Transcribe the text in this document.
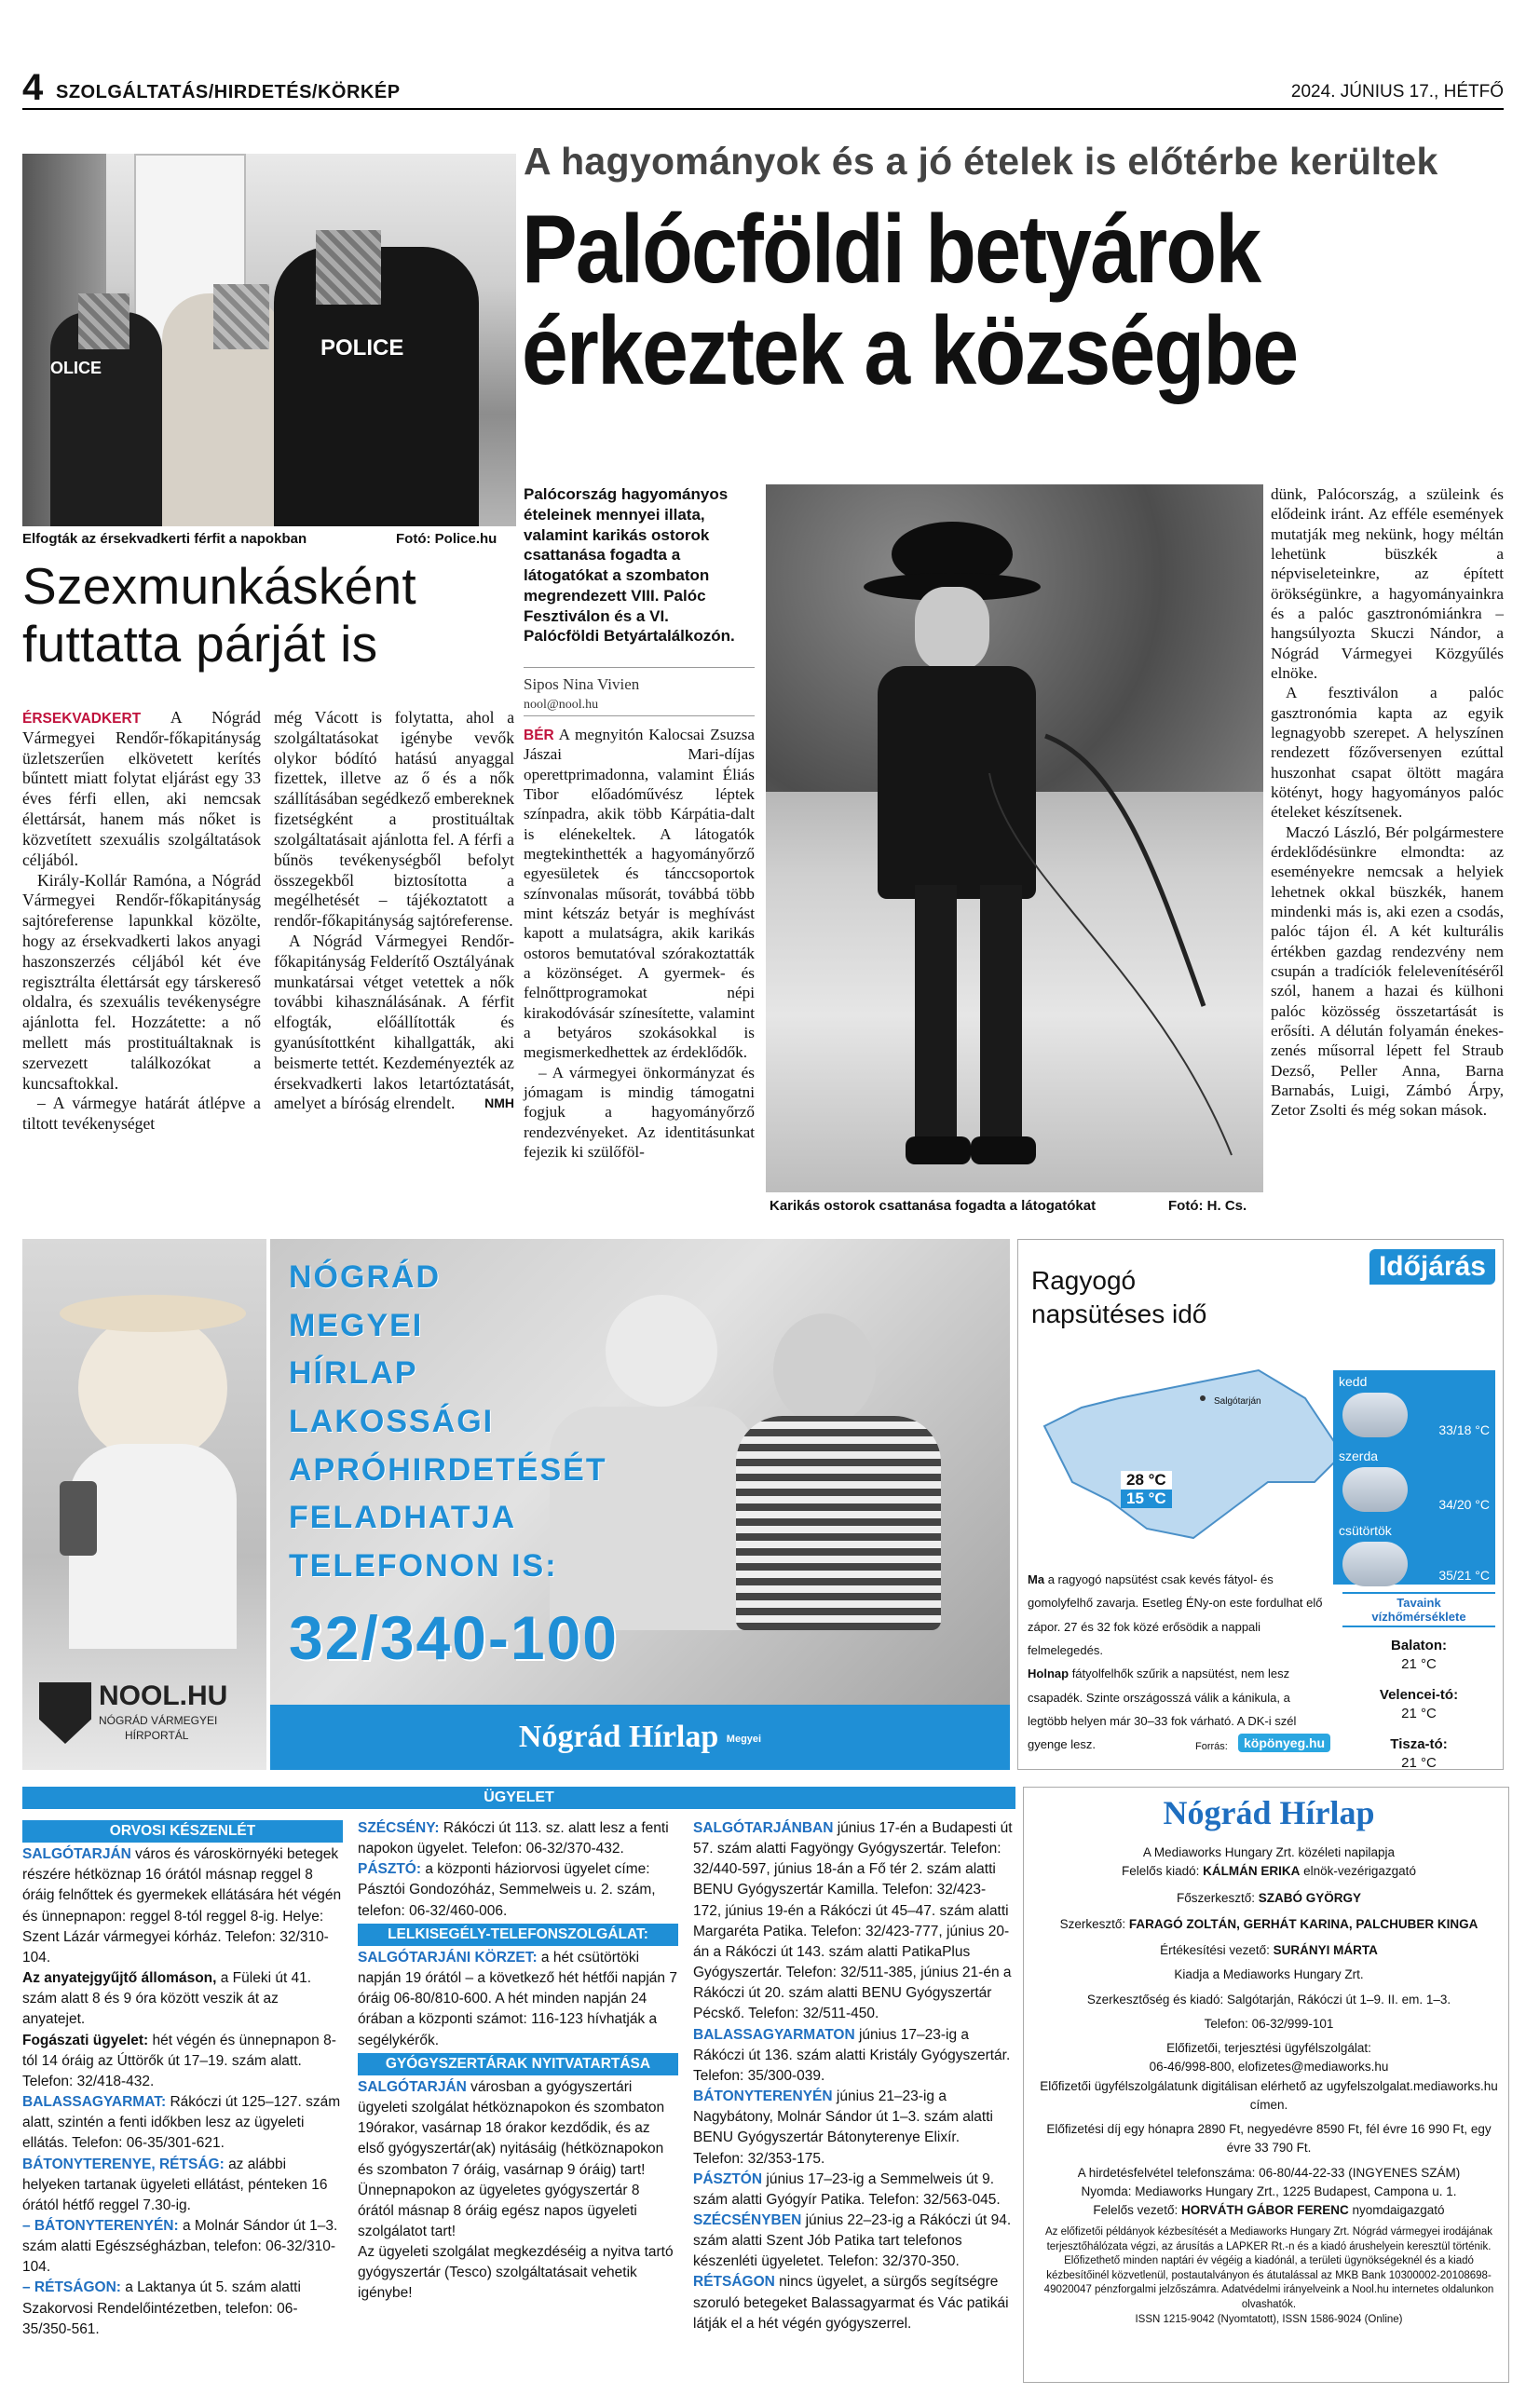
4 SZOLGÁLTATÁS/HIRDETÉS/KÖRKÉP	2024. JÚNIUS 17., HÉTFŐ
POLICE
OLICE
Elfogták az érsekvadkerti férfit a napokban	Fotó: Police.hu
Szexmunkásként
futtatta párját is

ÉRSEKVADKERT A Nógrád Vármegyei Rendőr-főkapitányság üzletszerűen elkövetett kerítés bűntett miatt folytat eljárást egy 33 éves férfi ellen, aki nemcsak élettársát, hanem más nőket is közvetített szexuális szolgáltatások céljából.

Király-Kollár Ramóna, a Nógrád Vármegyei Rendőr-főkapitányság sajtóreferense lapunkkal közölte, hogy az érsekvadkerti lakos anyagi haszonszerzés céljából két éve regisztrálta élettársát egy társkereső oldalra, és szexuális tevékenységre ajánlotta fel. Hozzátette: a nő mellett más prostituáltaknak is szervezett találkozókat a kuncsaftokkal.

– A vármegye határát átlépve a tiltott tevékenységet

még Vácott is folytatta, ahol a szolgáltatásokat igénybe vevők olykor bódító hatású anyaggal fizettek, illetve az ő és a nők szállításában segédkező embereknek fizetségként a prostituáltak szolgáltatásait ajánlotta fel. A férfi a bűnös tevékenységből befolyt összegekből biztosította a megélhetését – tájékoztatott a rendőr-főkapitányság sajtóreferense.

A Nógrád Vármegyei Rendőr-főkapitányság Felderítő Osztályának munkatársai vétget vetettek a nők további kihasználásának. A férfit elfogták, előállították és gyanúsítottként kihallgatták, aki beismerte tettét. Kezdeményezték az érsekvadkerti lakos letartóztatását, amelyet a bíróság elrendelt.	NMH

A hagyományok és a jó ételek is előtérbe kerültek
Palócföldi betyárok
érkeztek a községbe
Palócország hagyományos ételeinek mennyei illata, valamint karikás ostorok csattanása fogadta a látogatókat a szombaton megrendezett VIII. Palóc Fesztiválon és a VI. Palócföldi Betyártalálkozón.
Sipos Nina Vivien
nool@nool.hu

BÉR A megnyitón Kalocsai Zsuzsa Jászai Mari-díjas operettprimadonna, valamint Éliás Tibor előadóművész léptek színpadra, akik több Kárpátia-dalt is elénekeltek. A látogatók megtekinthették a hagyományőrző egyesületek és tánccsoportok színvonalas műsorát, továbbá több mint kétszáz betyár is meghívást kapott a mulatságra, akik karikás ostoros bemutatóval szórakoztatták a közönséget. A gyermek- és felnőttprogramokat népi kirakodóvásár színesítette, valamint a betyáros szokásokkal is megismerkedhettek az érdeklődők.

– A vármegyei önkormányzat és jómagam is mindig támogatni fogjuk a hagyományőrző rendezvényeket. Az identitásunkat fejezik ki szülőföl-

Karikás ostorok csattanása fogadta a látogatókat	Fotó: H. Cs.

dünk, Palócország, a szüleink és elődeink iránt. Az efféle események mutatják meg nekünk, hogy méltán lehetünk büszkék a népviseleteinkre, az épített örökségünkre, a hagyományainkra és a palóc gasztronómiánkra – hangsúlyozta Skuczi Nándor, a Nógrád Vármegyei Közgyűlés elnöke.

A fesztiválon a palóc gasztronómia kapta az egyik legnagyobb szerepet. A helyszínen rendezett főzőversenyen ezúttal huszonhat csapat öltött magára kötényt, hogy hagyományos palóc ételeket készítsenek.

Maczó László, Bér polgármestere érdeklődésünkre elmondta: az eseményekre nemcsak a helyiek lehetnek okkal büszkék, hanem mindenki más is, aki ezen a csodás, palóc tájon él. A két kulturális értékben gazdag rendezvény nem csupán a tradíciók felelevenítéséről szól, hanem a hazai és külhoni palóc közösség összetartását is erősíti. A délután folyamán énekes-zenés műsorral lépett fel Straub Dezső, Peller Anna, Barna Barnabás, Luigi, Zámbó Árpy, Zetor Zsolti és még sokan mások.

NOOL.HU
NÓGRÁD VÁRMEGYEI
HÍRPORTÁL
NÓGRÁD
MEGYEI
HÍRLAP
LAKOSSÁGI
APRÓHIRDETÉSÉT
FELADHATJA
TELEFONON IS:
32/340-100
Nógrád Hírlap Megyei
Időjárás
Ragyogó
napsütéses idő
Salgótarján
28 °C
15 °C
kedd
33/18 °C
szerda
34/20 °C
csütörtök
35/21 °C
Ma a ragyogó napsütést csak kevés fátyol- és gomolyfelhő zavarja. Esetleg ÉNy-on este fordulhat elő zápor. 27 és 32 fok közé erősödik a nappali felmelegedés.
Holnap fátyolfelhők szűrik a napsütést, nem lesz csapadék. Szinte országosszá válik a kánikula, a legtöbb helyen már 30–33 fok várható. A DK-i szél gyenge lesz.	Forrás:	köpönyeg.hu
Tavaink
vízhőmérséklete
Balaton:
21 °C
Velencei-tó:
21 °C
Tisza-tó:
21 °C
ÜGYELET
ORVOSI KÉSZENLÉT
SALGÓTARJÁN város és városkörnyéki betegek részére hétköznap 16 órától másnap reggel 8 óráig felnőttek és gyermekek ellátására hét végén és ünnepnapon: reggel 8-tól reggel 8-ig. Helye: Szent Lázár vármegyei kórház. Telefon: 32/310-104.
Az anyatejgyűjtő állomáson, a Füleki út 41. szám alatt 8 és 9 óra között veszik át az anyatejet.
Fogászati ügyelet: hét végén és ünnepnapon 8-tól 14 óráig az Úttörők út 17–19. szám alatt. Telefon: 32/418-432.
BALASSAGYARMAT: Rákóczi út 125–127. szám alatt, szintén a fenti időkben lesz az ügyeleti ellátás. Telefon: 06-35/301-621.
BÁTONYTERENYE, RÉTSÁG: az alábbi helyeken tartanak ügyeleti ellátást, pénteken 16 órától hétfő reggel 7.30-ig.
– BÁTONYTERENYÉN: a Molnár Sándor út 1–3. szám alatti Egészségházban, telefon: 06-32/310-104.
– RÉTSÁGON: a Laktanya út 5. szám alatti Szakorvosi Rendelőintézetben, telefon: 06-35/350-561.
SZÉCSÉNY: Rákóczi út 113. sz. alatt lesz a fenti napokon ügyelet. Telefon: 06-32/370-432.
PÁSZTÓ: a központi háziorvosi ügyelet címe: Pásztói Gondozóház, Semmelweis u. 2. szám, telefon: 06-32/460-006.
LELKISEGÉLY-TELEFONSZOLGÁLAT:
SALGÓTARJÁNI KÖRZET: a hét csütörtöki napján 19 órától – a következő hét hétfői napján 7 óráig 06-80/810-600. A hét minden napján 24 órában a központi számot: 116-123 hívhatják a segélykérők.
GYÓGYSZERTÁRAK NYITVATARTÁSA
SALGÓTARJÁN városban a gyógyszertári ügyeleti szolgálat hétköznapokon és szombaton 19órakor, vasárnap 18 órakor kezdődik, és az első gyógyszertár(ak) nyitásáig (hétköznapokon és szombaton 7 óráig, vasárnap 9 óráig) tart! Ünnepnapokon az ügyeletes gyógyszertár 8 órától másnap 8 óráig egész napos ügyeleti szolgálatot tart!
Az ügyeleti szolgálat megkezdéséig a nyitva tartó gyógyszertár (Tesco) szolgáltatásait vehetik igénybe!
SALGÓTARJÁNBAN június 17-én a Budapesti út 57. szám alatti Fagyöngy Gyógyszertár. Telefon: 32/440-597, június 18-án a Fő tér 2. szám alatti BENU Gyógyszertár Kamilla. Telefon: 32/423-172, június 19-én a Rákóczi út 45–47. szám alatti Margaréta Patika. Telefon: 32/423-777, június 20-án a Rákóczi út 143. szám alatti PatikaPlus Gyógyszertár. Telefon: 32/511-385, június 21-én a Rákóczi út 20. szám alatti BENU Gyógyszertár Pécskő. Telefon: 32/511-450.
BALASSAGYARMATON június 17–23-ig a Rákóczi út 136. szám alatti Kristály Gyógyszertár. Telefon: 35/300-039.
BÁTONYTERENYÉN június 21–23-ig a Nagybátony, Molnár Sándor út 1–3. szám alatti BENU Gyógyszertár Bátonyterenye Elixír. Telefon: 32/353-175.
PÁSZTÓN június 17–23-ig a Semmelweis út 9. szám alatti Gyógyír Patika. Telefon: 32/563-045.
SZÉCSÉNYBEN június 22–23-ig a Rákóczi út 94. szám alatti Szent Jób Patika tart telefonos készenléti ügyeletet. Telefon: 32/370-350.
RÉTSÁGON nincs ügyelet, a sürgős segítségre szoruló betegeket Balassagyarmat és Vác patikái látják el a hét végén gyógyszerrel.
Nógrád Hírlap
A Mediaworks Hungary Zrt. közéleti napilapja
Felelős kiadó: KÁLMÁN ERIKA elnök-vezérigazgató
Főszerkesztő: SZABÓ GYÖRGY
Szerkesztő: FARAGÓ ZOLTÁN, GERHÁT KARINA, PALCHUBER KINGA
Értékesítési vezető: SURÁNYI MÁRTA
Kiadja a Mediaworks Hungary Zrt.
Szerkesztőség és kiadó: Salgótarján, Rákóczi út 1–9. II. em. 1–3.
Telefon: 06-32/999-101
Előfizetői, terjesztési ügyfélszolgálat:
06-46/998-800, elofizetes@mediaworks.hu
Előfizetői ügyfélszolgálatunk digitálisan elérhető az ugyfelszolgalat.mediaworks.hu címen.
Előfizetési díj egy hónapra 2890 Ft, negyedévre 8590 Ft, fél évre 16 990 Ft, egy évre 33 790 Ft.
A hirdetésfelvétel telefonszáma: 06-80/44-22-33 (INGYENES SZÁM)
Nyomda: Mediaworks Hungary Zrt., 1225 Budapest, Campona u. 1.
Felelős vezető: HORVÁTH GÁBOR FERENC nyomdaigazgató
Az előfizetői példányok kézbesítését a Mediaworks Hungary Zrt. Nógrád vármegyei irodájának terjesztőhálózata végzi, az árusítás a LAPKER Rt.-n és a kiadó árushelyein keresztül történik. Előfizethető minden naptári év végéig a kiadónál, a területi ügynökségeknél és a kiadó kézbesítőinél közvetlenül, postautalványon és átutalással az MKB Bank 10300002-20108698-49020047 pénzforgalmi jelzőszámra. Adatvédelmi irányelveink a Nool.hu internetes oldalunkon olvashatók.
ISSN 1215-9042 (Nyomtatott), ISSN 1586-9024 (Online)
